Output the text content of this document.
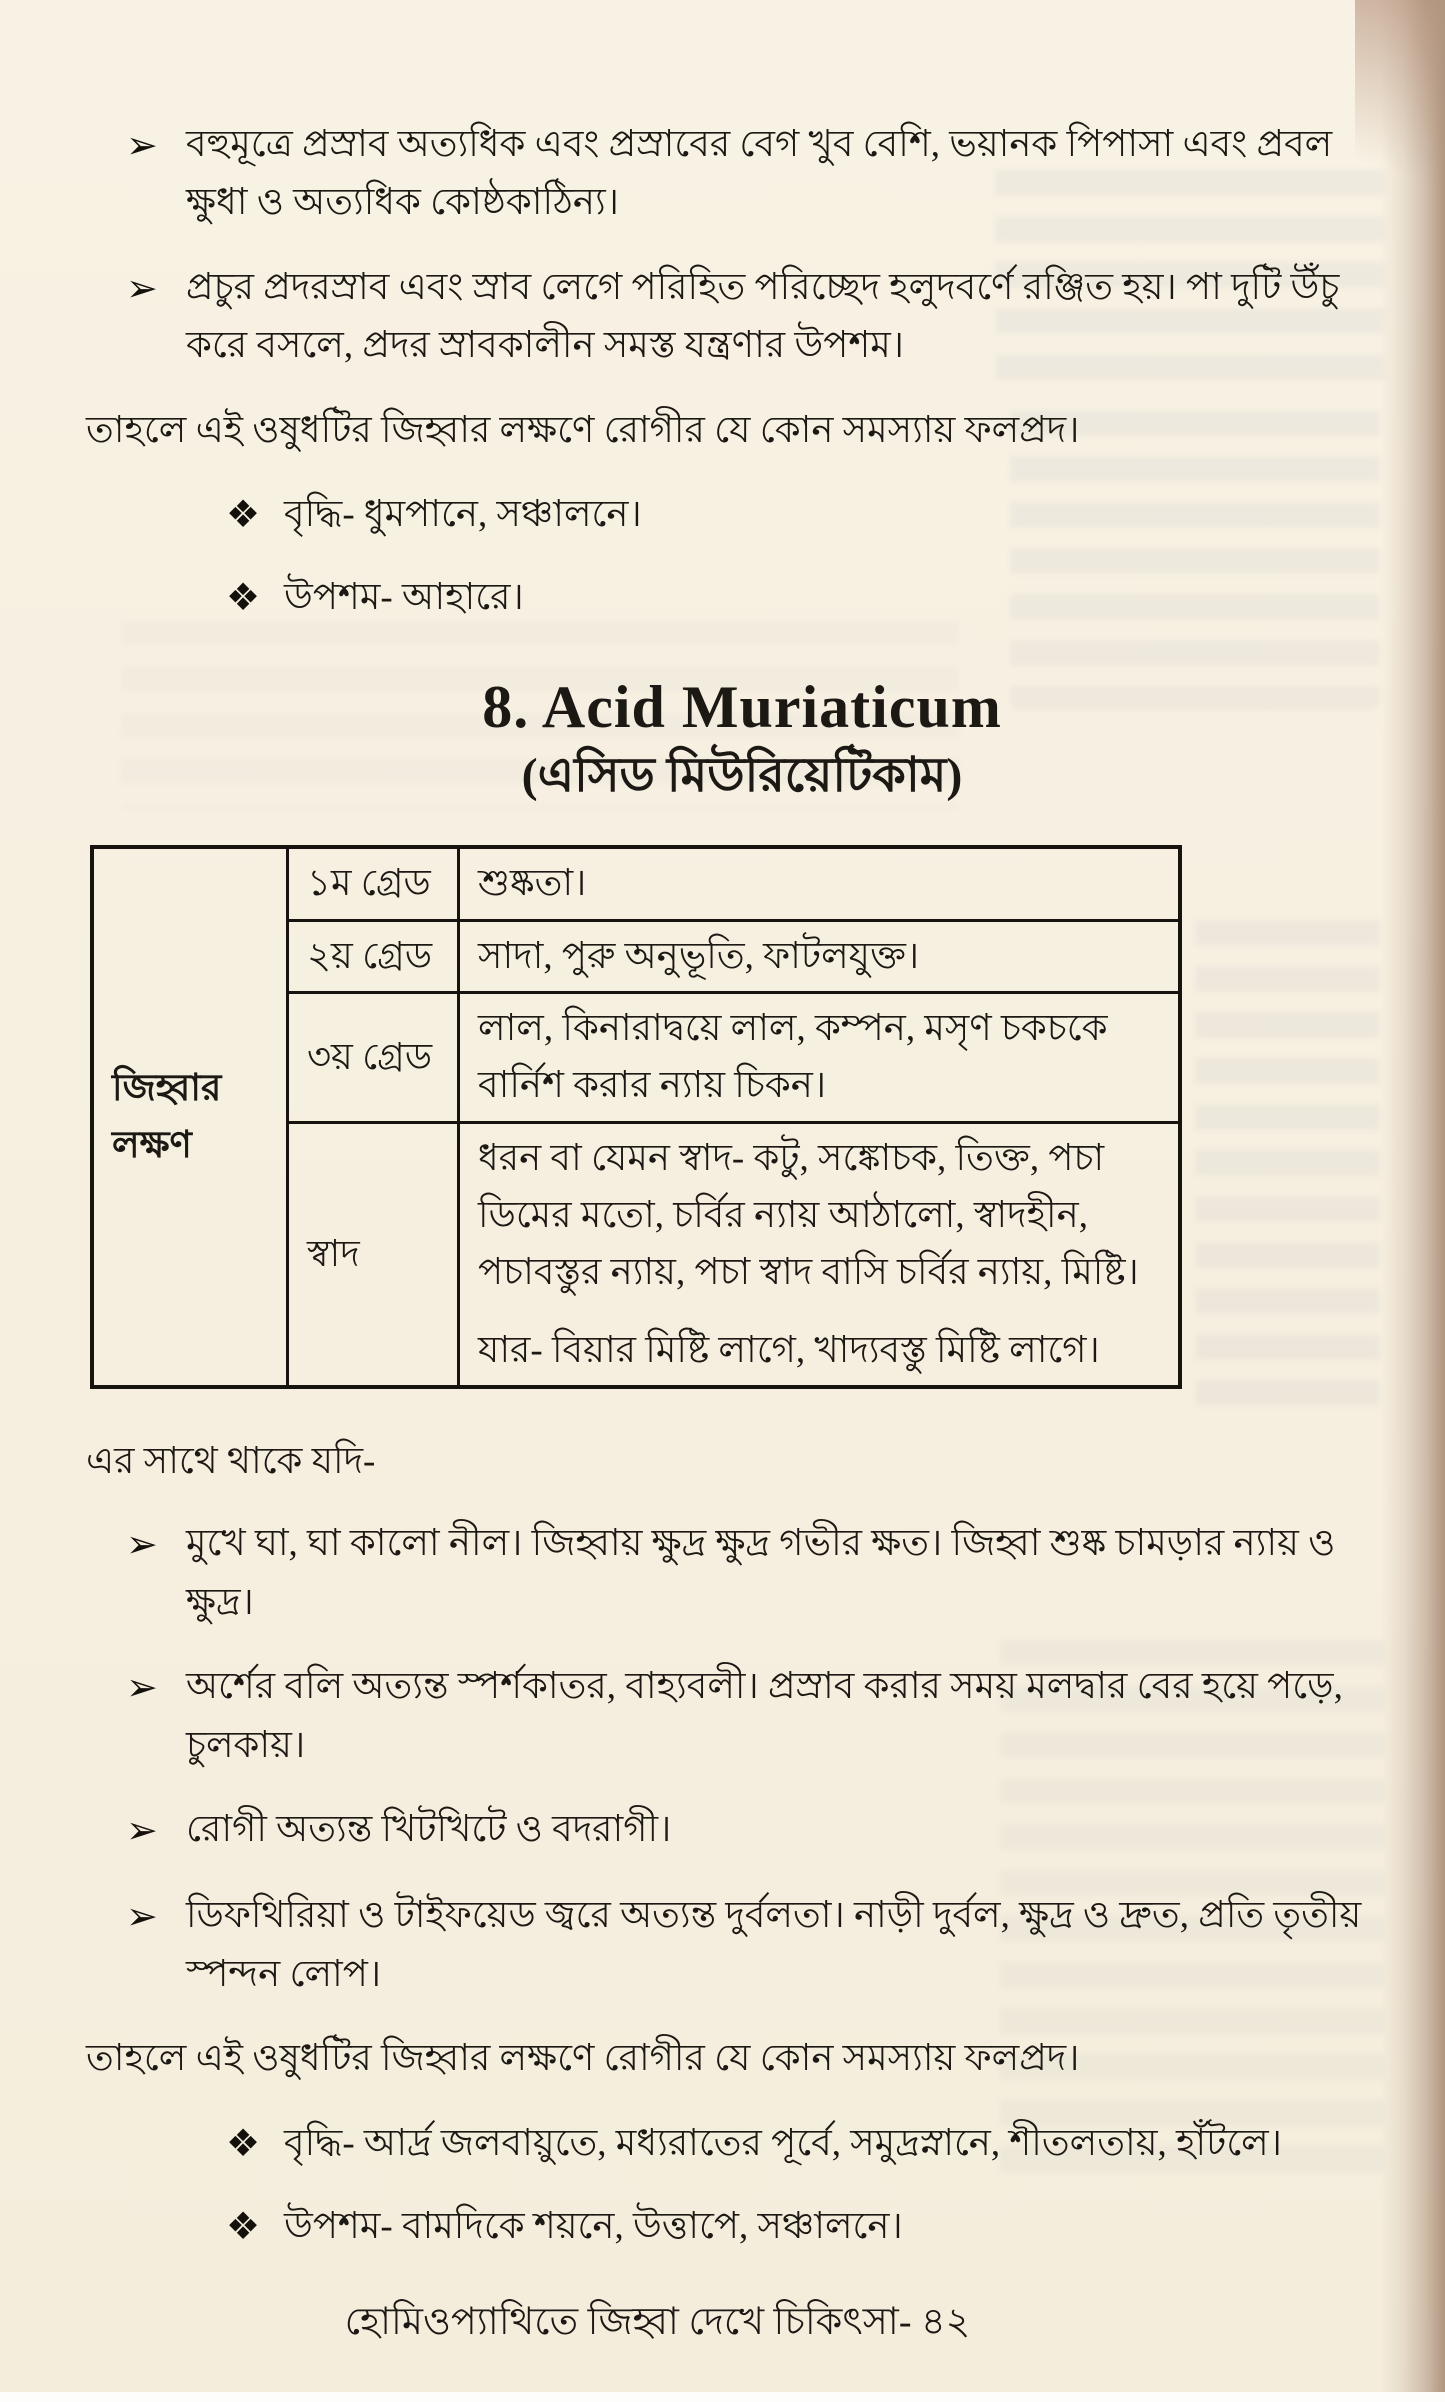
➢ বহুমূত্রে প্রস্রাব অত্যধিক এবং প্রস্রাবের বেগ খুব বেশি, ভয়ানক পিপাসা এবং প্রবল ক্ষুধা ও অত্যধিক কোষ্ঠকাঠিন্য।
➢ প্রচুর প্রদরস্রাব এবং স্রাব লেগে পরিহিত পরিচ্ছেদ হলুদবর্ণে রঞ্জিত হয়। পা দুটি উঁচু করে বসলে, প্রদর স্রাবকালীন সমস্ত যন্ত্রণার উপশম।
তাহলে এই ওষুধটির জিহ্বার লক্ষণে রোগীর যে কোন সমস্যায় ফলপ্রদ।
❖ বৃদ্ধি- ধুমপানে, সঞ্চালনে।
❖ উপশম- আহারে।
8. Acid Muriaticum
(এসিড মিউরিয়েটিকাম)
জিহ্বার লক্ষণ	১ম গ্রেড	শুষ্কতা।
	২য় গ্রেড	সাদা, পুরু অনুভূতি, ফাটলযুক্ত।
	৩য় গ্রেড	লাল, কিনারাদ্বয়ে লাল, কম্পন, মসৃণ চকচকে বার্নিশ করার ন্যায় চিকন।
	স্বাদ	ধরন বা যেমন স্বাদ- কটু, সঙ্কোচক, তিক্ত, পচা ডিমের মতো, চর্বির ন্যায় আঠালো, স্বাদহীন, পচাবস্তুর ন্যায়, পচা স্বাদ বাসি চর্বির ন্যায়, মিষ্টি।
যার- বিয়ার মিষ্টি লাগে, খাদ্যবস্তু মিষ্টি লাগে।
এর সাথে থাকে যদি-
➢ মুখে ঘা, ঘা কালো নীল। জিহ্বায় ক্ষুদ্র ক্ষুদ্র গভীর ক্ষত। জিহ্বা শুষ্ক চামড়ার ন্যায় ও ক্ষুদ্র।
➢ অর্শের বলি অত্যন্ত স্পর্শকাতর, বাহ্যবলী। প্রস্রাব করার সময় মলদ্বার বের হয়ে পড়ে, চুলকায়।
➢ রোগী অত্যন্ত খিটখিটে ও বদরাগী।
➢ ডিফথিরিয়া ও টাইফয়েড জ্বরে অত্যন্ত দুর্বলতা। নাড়ী দুর্বল, ক্ষুদ্র ও দ্রুত, প্রতি তৃতীয় স্পন্দন লোপ।
তাহলে এই ওষুধটির জিহ্বার লক্ষণে রোগীর যে কোন সমস্যায় ফলপ্রদ।
❖ বৃদ্ধি- আর্দ্র জলবায়ুতে, মধ্যরাতের পূর্বে, সমুদ্রস্নানে, শীতলতায়, হাঁটলে।
❖ উপশম- বামদিকে শয়নে, উত্তাপে, সঞ্চালনে।
হোমিওপ্যাথিতে জিহ্বা দেখে চিকিৎসা- ৪২
